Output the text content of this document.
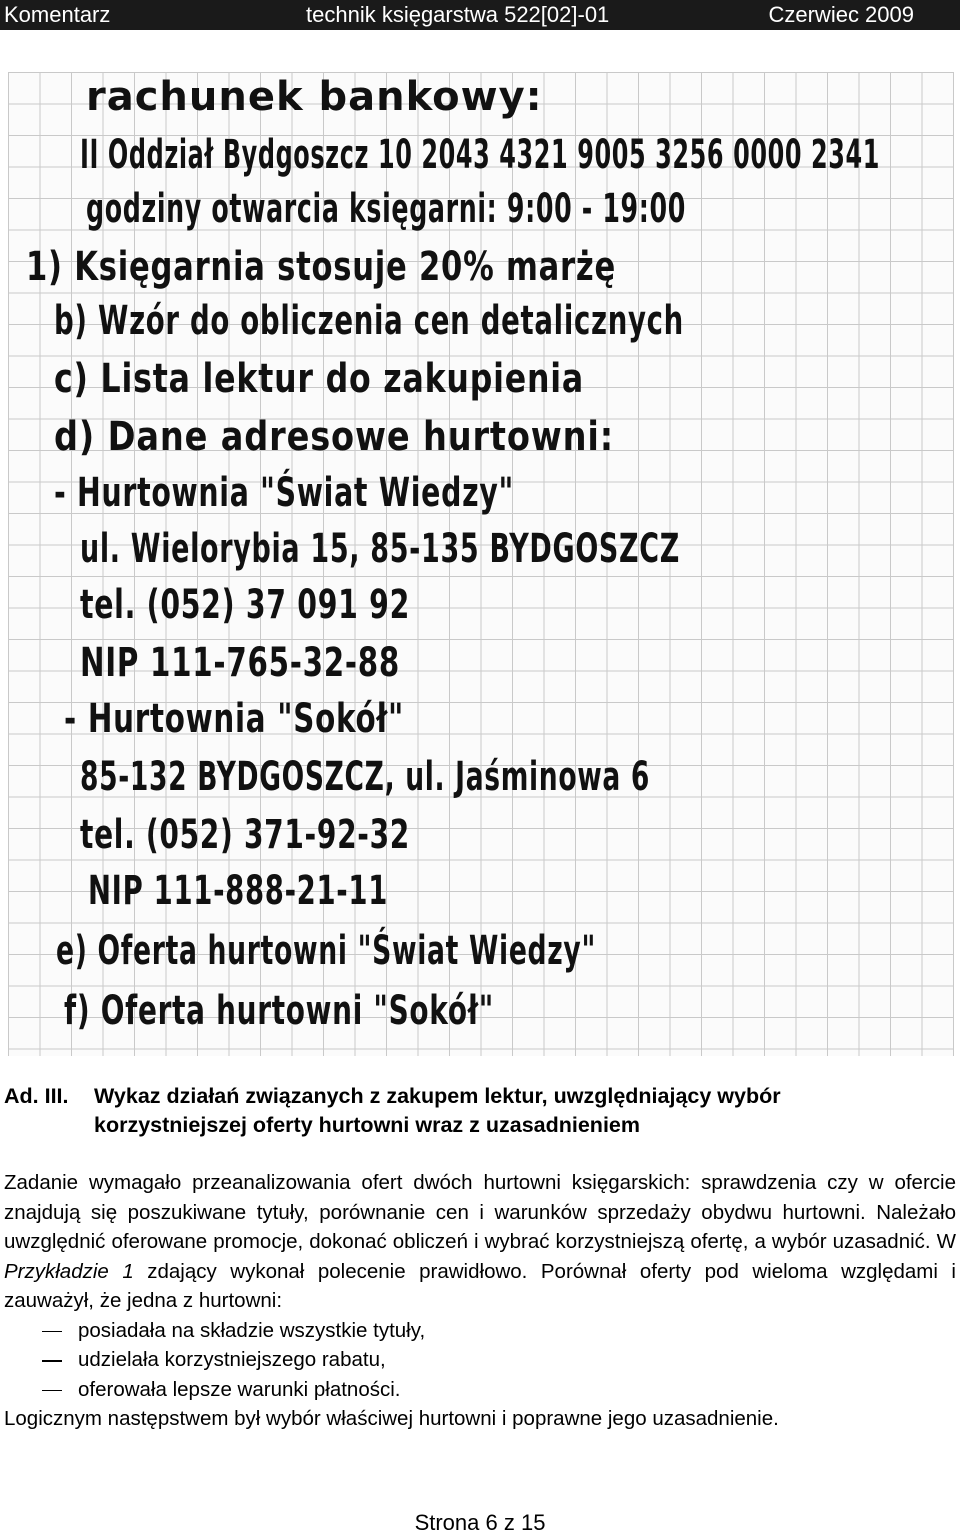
Komentarz	technik księgarstwa 522[02]-01	Czerwiec 2009
rachunek bankowy:
II Oddział Bydgoszcz 10 2043 4321 9005 3256 0000 2341
godziny otwarcia księgarni: 9:00 - 19:00
1) Księgarnia stosuje 20% marżę
b) Wzór do obliczenia cen detalicznych
c) Lista lektur do zakupienia
d) Dane adresowe hurtowni:
- Hurtownia "Świat Wiedzy"
ul. Wielorybia 15, 85-135 BYDGOSZCZ
tel. (052) 37 091 92
NIP 111-765-32-88
- Hurtownia "Sokół"
85-132 BYDGOSZCZ, ul. Jaśminowa 6
tel. (052) 371-92-32
NIP 111-888-21-11
e) Oferta hurtowni "Świat Wiedzy"
f) Oferta hurtowni "Sokół"
Ad. III. Wykaz działań związanych z zakupem lektur, uwzględniający wybór
korzystniejszej oferty hurtowni wraz z uzasadnieniem

Zadanie wymagało przeanalizowania ofert dwóch hurtowni księgarskich: sprawdzenia czy w ofercie znajdują się poszukiwane tytuły, porównanie cen i warunków sprzedaży obydwu hurtowni. Należało uwzględnić oferowane promocje, dokonać obliczeń i wybrać korzystniejszą ofertę, a wybór uzasadnić. W Przykładzie 1 zdający wykonał polecenie prawidłowo. Porównał oferty pod wieloma względami i zauważył, że jedna z hurtowni:

posiadała na składzie wszystkie tytuły,
udzielała korzystniejszego rabatu,
oferowała lepsze warunki płatności.

Logicznym następstwem był wybór właściwej hurtowni i poprawne jego uzasadnienie.

Strona 6 z 15
